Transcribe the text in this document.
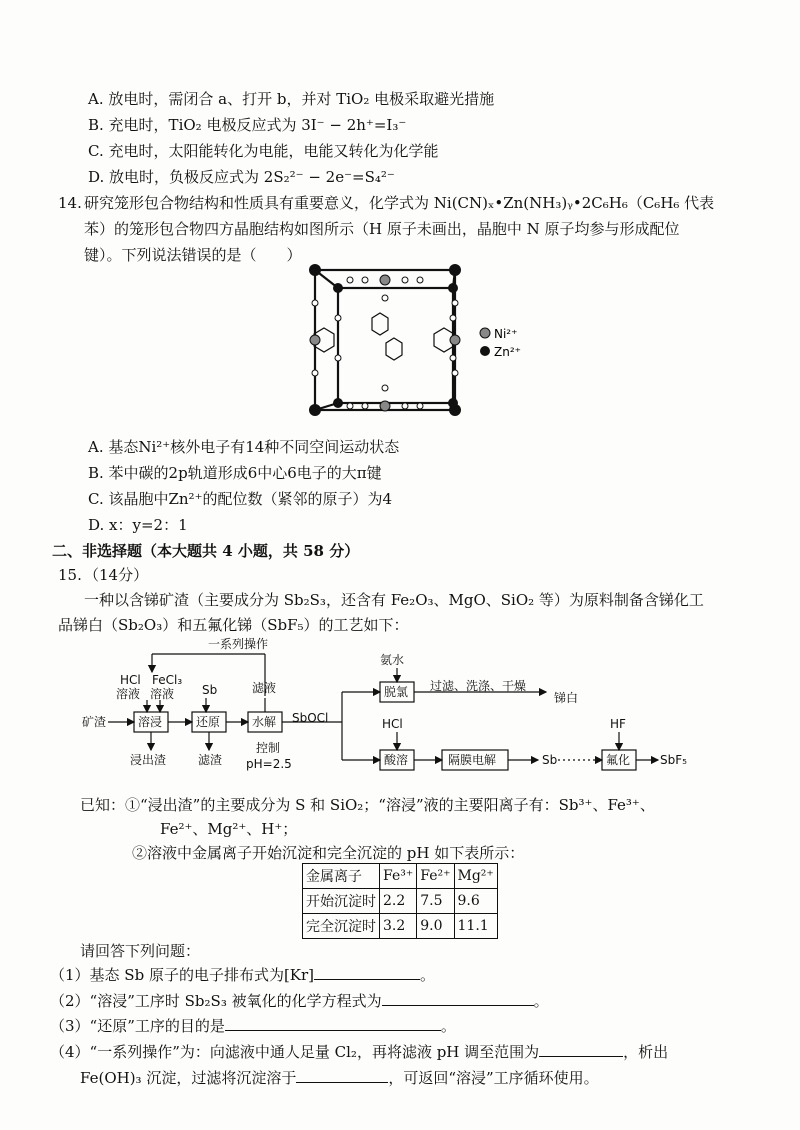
A. 放电时，需闭合 a、打开 b，并对 TiO₂ 电极采取避光措施
B. 充电时，TiO₂ 电极反应式为 3I⁻ − 2h⁺=I₃⁻
C. 充电时，太阳能转化为电能，电能又转化为化学能
D. 放电时，负极反应式为 2S₂²⁻ − 2e⁻=S₄²⁻
14. 研究笼形包合物结构和性质具有重要意义，化学式为 Ni(CN)ₓ•Zn(NH₃)ᵧ•2C₆H₆（C₆H₆ 代表
苯）的笼形包合物四方晶胞结构如图所示（H 原子未画出，晶胞中 N 原子均参与形成配位
键）。下列说法错误的是（　　）
Ni²⁺
Zn²⁺
A. 基态Ni²⁺核外电子有14种不同空间运动状态
B. 苯中碳的2p轨道形成6中心6电子的大π键
C. 该晶胞中Zn²⁺的配位数（紧邻的原子）为4
D. x：y=2：1
二、非选择题（本大题共 4 小题，共 58 分）
15. （14分）
一种以含锑矿渣（主要成分为 Sb₂S₃，还含有 Fe₂O₃、MgO、SiO₂ 等）为原料制备含锑化工
品锑白（Sb₂O₃）和五氟化锑（SbF₅）的工艺如下：
一系列操作
HCl
溶液
FeCl₃
溶液 Sb	滤液
矿渣	溶浸	还原	水解 SbOCl
浸出渣	滤渣
控制
pH=2.5
氨水
脱氯 过滤、洗涤、干燥
锑白
HCl
酸溶	隔膜电解	Sb
HF
氟化 SbF₅
已知：①“浸出渣”的主要成分为 S 和 SiO₂；“溶浸”液的主要阳离子有：Sb³⁺、Fe³⁺、
Fe²⁺、Mg²⁺、H⁺；
②溶液中金属离子开始沉淀和完全沉淀的 pH 如下表所示：
金属离子	Fe³⁺	Fe²⁺	Mg²⁺
开始沉淀时	2.2	7.5	9.6
完全沉淀时	3.2	9.0	11.1
请回答下列问题：
（1）基态 Sb 原子的电子排布式为[Kr]	。
（2）“溶浸”工序时 Sb₂S₃ 被氧化的化学方程式为	。
（3）“还原”工序的目的是	。
（4）“一系列操作”为：向滤液中通人足量 Cl₂，再将滤液 pH 调至范围为	，析出
Fe(OH)₃ 沉淀，过滤将沉淀溶于	，可返回“溶浸”工序循环使用。
